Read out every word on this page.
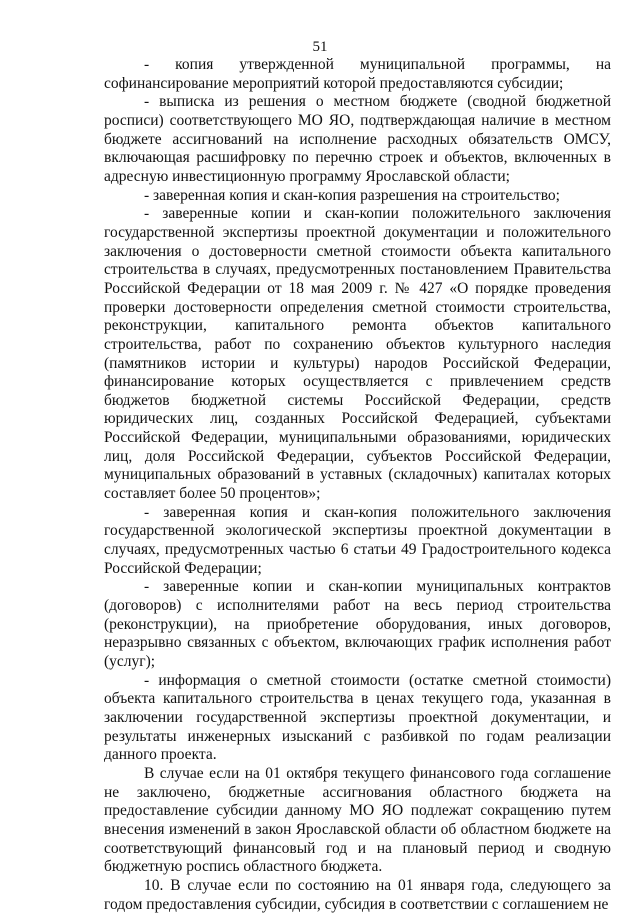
51

- копия утвержденной муниципальной программы, на софинансирование мероприятий которой предоставляются субсидии;

- выписка из решения о местном бюджете (сводной бюджетной росписи) соответствующего МО ЯО, подтверждающая наличие в местном бюджете ассигнований на исполнение расходных обязательств ОМСУ, включающая расшифровку по перечню строек и объектов, включенных в адресную инвестиционную программу Ярославской области;

- заверенная копия и скан-копия разрешения на строительство;

- заверенные копии и скан-копии положительного заключения государственной экспертизы проектной документации и положительного заключения о достоверности сметной стоимости объекта капитального строительства в случаях, предусмотренных постановлением Правительства Российской Федерации от 18 мая 2009 г. № 427 «О порядке проведения проверки достоверности определения сметной стоимости строительства, реконструкции, капитального ремонта объектов капитального строительства, работ по сохранению объектов культурного наследия (памятников истории и культуры) народов Российской Федерации, финансирование которых осуществляется с привлечением средств бюджетов бюджетной системы Российской Федерации, средств юридических лиц, созданных Российской Федерацией, субъектами Российской Федерации, муниципальными образованиями, юридических лиц, доля Российской Федерации, субъектов Российской Федерации, муниципальных образований в уставных (складочных) капиталах которых составляет более 50 процентов»;

- заверенная копия и скан-копия положительного заключения государственной экологической экспертизы проектной документации в случаях, предусмотренных частью 6 статьи 49 Градостроительного кодекса Российской Федерации;

- заверенные копии и скан-копии муниципальных контрактов (договоров) с исполнителями работ на весь период строительства (реконструкции), на приобретение оборудования, иных договоров, неразрывно связанных с объектом, включающих график исполнения работ (услуг);

- информация о сметной стоимости (остатке сметной стоимости) объекта капитального строительства в ценах текущего года, указанная в заключении государственной экспертизы проектной документации, и результаты инженерных изысканий с разбивкой по годам реализации данного проекта.

В случае если на 01 октября текущего финансового года соглашение не заключено, бюджетные ассигнования областного бюджета на предоставление субсидии данному МО ЯО подлежат сокращению путем внесения изменений в закон Ярославской области об областном бюджете на соответствующий финансовый год и на плановый период и сводную бюджетную роспись областного бюджета.

10. В случае если по состоянию на 01 января года, следующего за годом предоставления субсидии, субсидия в соответствии с соглашением не
